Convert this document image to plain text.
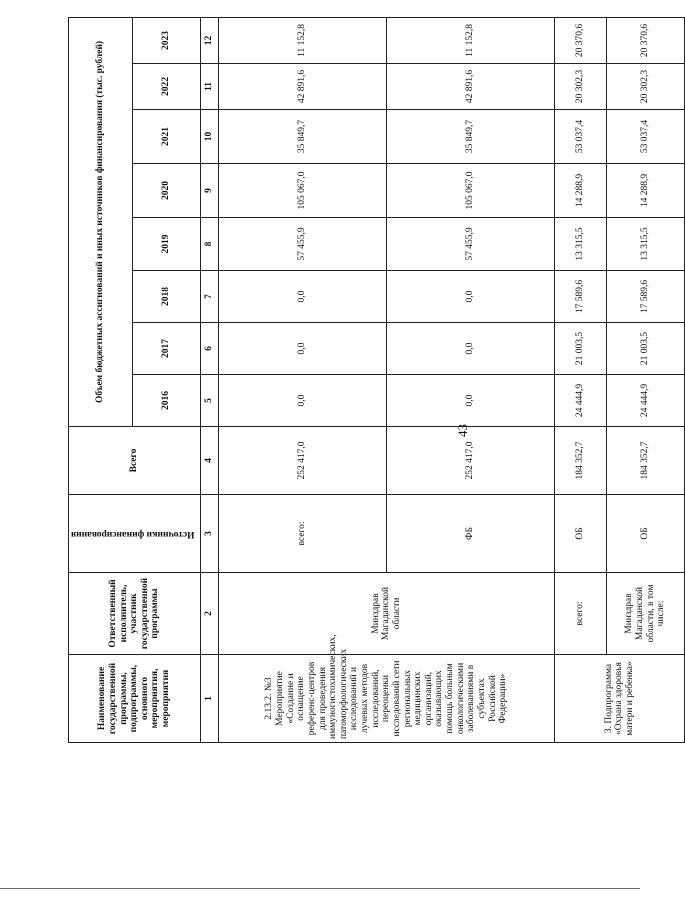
43
Наименование государственной программы, подпрограммы, основного мероприятия, мероприятия	Ответственный исполнитель, участник государственной программы	Источники финансирования	Всего	Объем бюджетных ассигнований и иных источников финансирования (тыс. рублей)							
				2016	2017	2018	2019	2020	2021	2022	2023
1	2	3	4	5	6	7	8	9	10	11	12
2.13.2. №3 Мероприятие «Создание и оснащение референс-центров для проведения иммуногистохимических, патоморфологических исследований и лучевых методов исследований, переоценки исследований сети региональных медицинских организаций, оказывающих помощь больным онкологическими заболеваниями в субъектах Российской Федерации»	Минздрав Магаданской области	всего:	252 417,0	0,0	0,0	0,0	57 455,9	105 067,0	35 849,7	42 891,6	11 152,8
		ФБ	252 417,0	0,0	0,0	0,0	57 455,9	105 067,0	35 849,7	42 891,6	11 152,8
3. Подпрограмма «Охрана здоровья матери и ребенка»	всего:	ОБ	184 352,7	24 444,9	21 003,5	17 589,6	13 315,5	14 288,9	53 037,4	20 302,3	20 370,6
	Минздрав Магаданской области, в том числе:	ОБ	184 352,7	24 444,9	21 003,5	17 589,6	13 315,5	14 288,9	53 037,4	20 302,3	20 370,6
